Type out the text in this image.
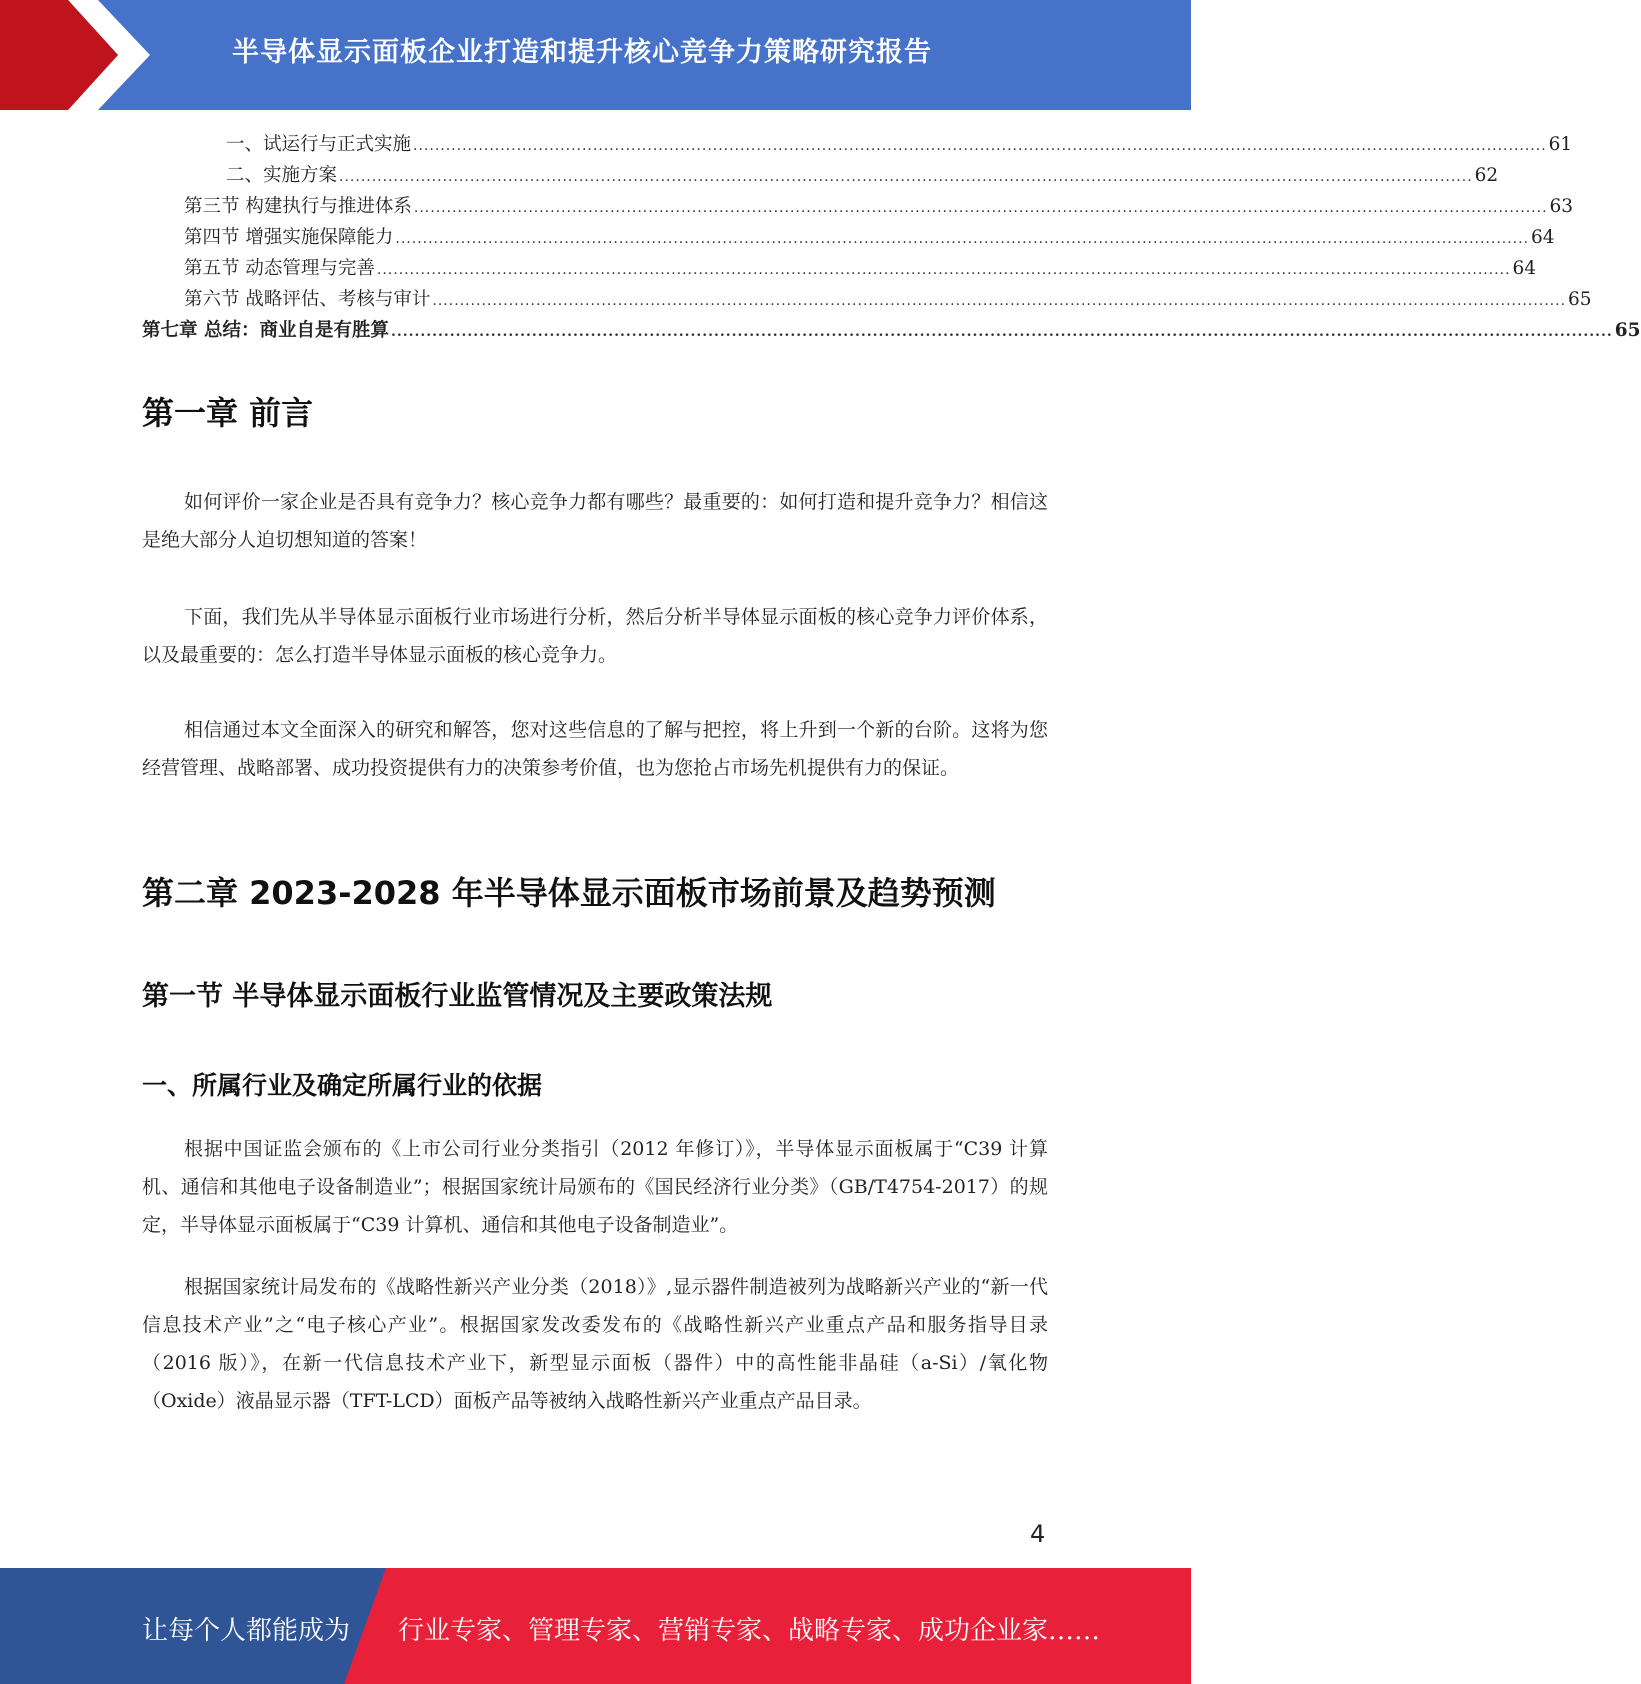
半导体显示面板企业打造和提升核心竞争力策略研究报告
一、试运行与正式实施 ................................................................................................................................................................................................................ 61
二、实施方案 ................................................................................................................................................................................................................ 62
第三节 构建执行与推进体系 ................................................................................................................................................................................................................ 63
第四节 增强实施保障能力 ................................................................................................................................................................................................................ 64
第五节 动态管理与完善 ................................................................................................................................................................................................................ 64
第六节 战略评估、考核与审计 ................................................................................................................................................................................................................ 65
第七章 总结：商业自是有胜算 ................................................................................................................................................................................................................ 65
第一章 前言

如何评价一家企业是否具有竞争力？核心竞争力都有哪些？最重要的：如何打造和提升竞争力？相信这是绝大部分人迫切想知道的答案！

下面，我们先从半导体显示面板行业市场进行分析，然后分析半导体显示面板的核心竞争力评价体系，以及最重要的：怎么打造半导体显示面板的核心竞争力。

相信通过本文全面深入的研究和解答，您对这些信息的了解与把控，将上升到一个新的台阶。这将为您经营管理、战略部署、成功投资提供有力的决策参考价值，也为您抢占市场先机提供有力的保证。

第二章 2023-2028 年半导体显示面板市场前景及趋势预测
第一节 半导体显示面板行业监管情况及主要政策法规
一、所属行业及确定所属行业的依据

根据中国证监会颁布的《上市公司行业分类指引（2012 年修订）》，半导体显示面板属于“C39 计算机、通信和其他电子设备制造业”；根据国家统计局颁布的《国民经济行业分类》（GB/T4754-2017）的规定，半导体显示面板属于“C39 计算机、通信和其他电子设备制造业”。

根据国家统计局发布的《战略性新兴产业分类（2018）》,显示器件制造被列为战略新兴产业的“新一代信息技术产业”之“电子核心产业”。根据国家发改委发布的《战略性新兴产业重点产品和服务指导目录（2016 版）》，在新一代信息技术产业下，新型显示面板（器件）中的高性能非晶硅（a-Si）/氧化物（Oxide）液晶显示器（TFT-LCD）面板产品等被纳入战略性新兴产业重点产品目录。

4
让每个人都能成为 行业专家、管理专家、营销专家、战略专家、成功企业家……
